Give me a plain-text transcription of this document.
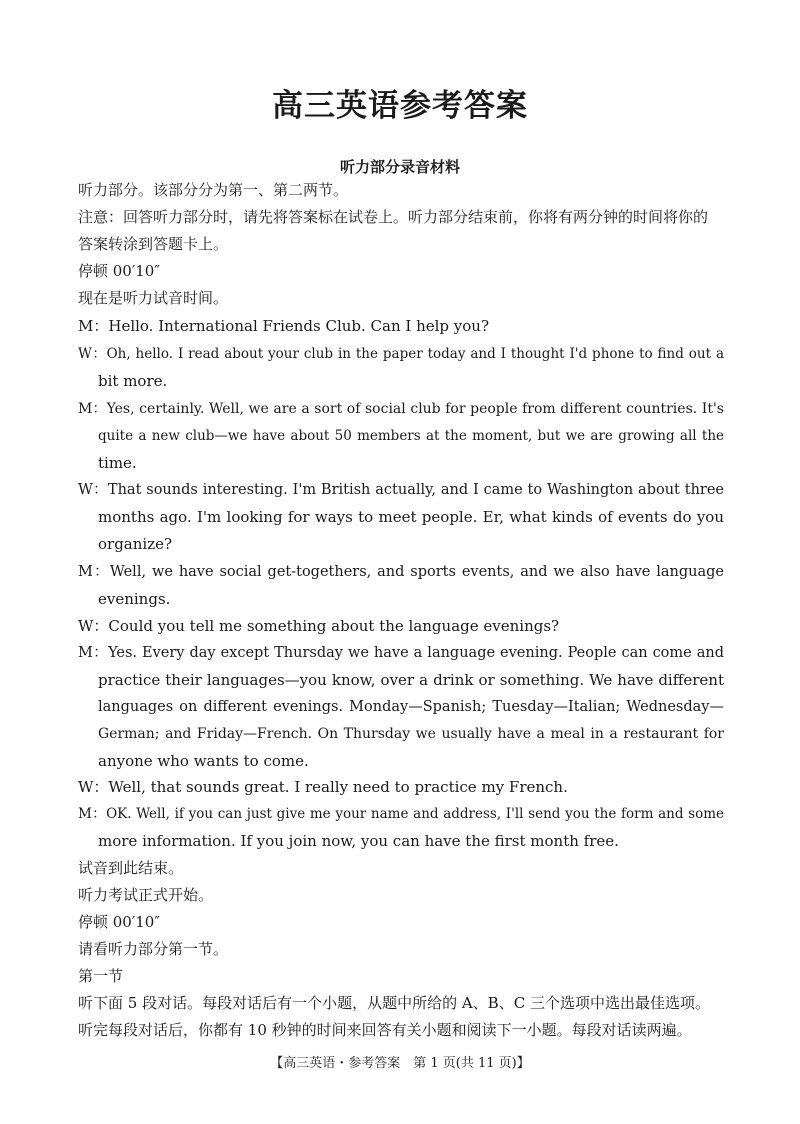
高三英语参考答案
听力部分录音材料
听力部分。该部分分为第一、第二两节。
注意：回答听力部分时，请先将答案标在试卷上。听力部分结束前，你将有两分钟的时间将你的
答案转涂到答题卡上。
停顿 00′10″
现在是听力试音时间。
M：Hello. International Friends Club. Can I help you?
W：Oh, hello. I read about your club in the paper today and I thought I'd phone to find out a
bit more.
M：Yes, certainly. Well, we are a sort of social club for people from different countries. It's
quite a new club—we have about 50 members at the moment, but we are growing all the
time.
W：That sounds interesting. I'm British actually, and I came to Washington about three
months ago. I'm looking for ways to meet people. Er, what kinds of events do you
organize?
M：Well, we have social get-togethers, and sports events, and we also have language
evenings.
W：Could you tell me something about the language evenings?
M：Yes. Every day except Thursday we have a language evening. People can come and
practice their languages—you know, over a drink or something. We have different
languages on different evenings. Monday—Spanish; Tuesday—Italian; Wednesday—
German; and Friday—French. On Thursday we usually have a meal in a restaurant for
anyone who wants to come.
W：Well, that sounds great. I really need to practice my French.
M：OK. Well, if you can just give me your name and address, I'll send you the form and some
more information. If you join now, you can have the first month free.
试音到此结束。
听力考试正式开始。
停顿 00′10″
请看听力部分第一节。
第一节
听下面 5 段对话。每段对话后有一个小题，从题中所给的 A、B、C 三个选项中选出最佳选项。
听完每段对话后，你都有 10 秒钟的时间来回答有关小题和阅读下一小题。每段对话读两遍。
【高三英语・参考答案　第 1 页(共 11 页)】
